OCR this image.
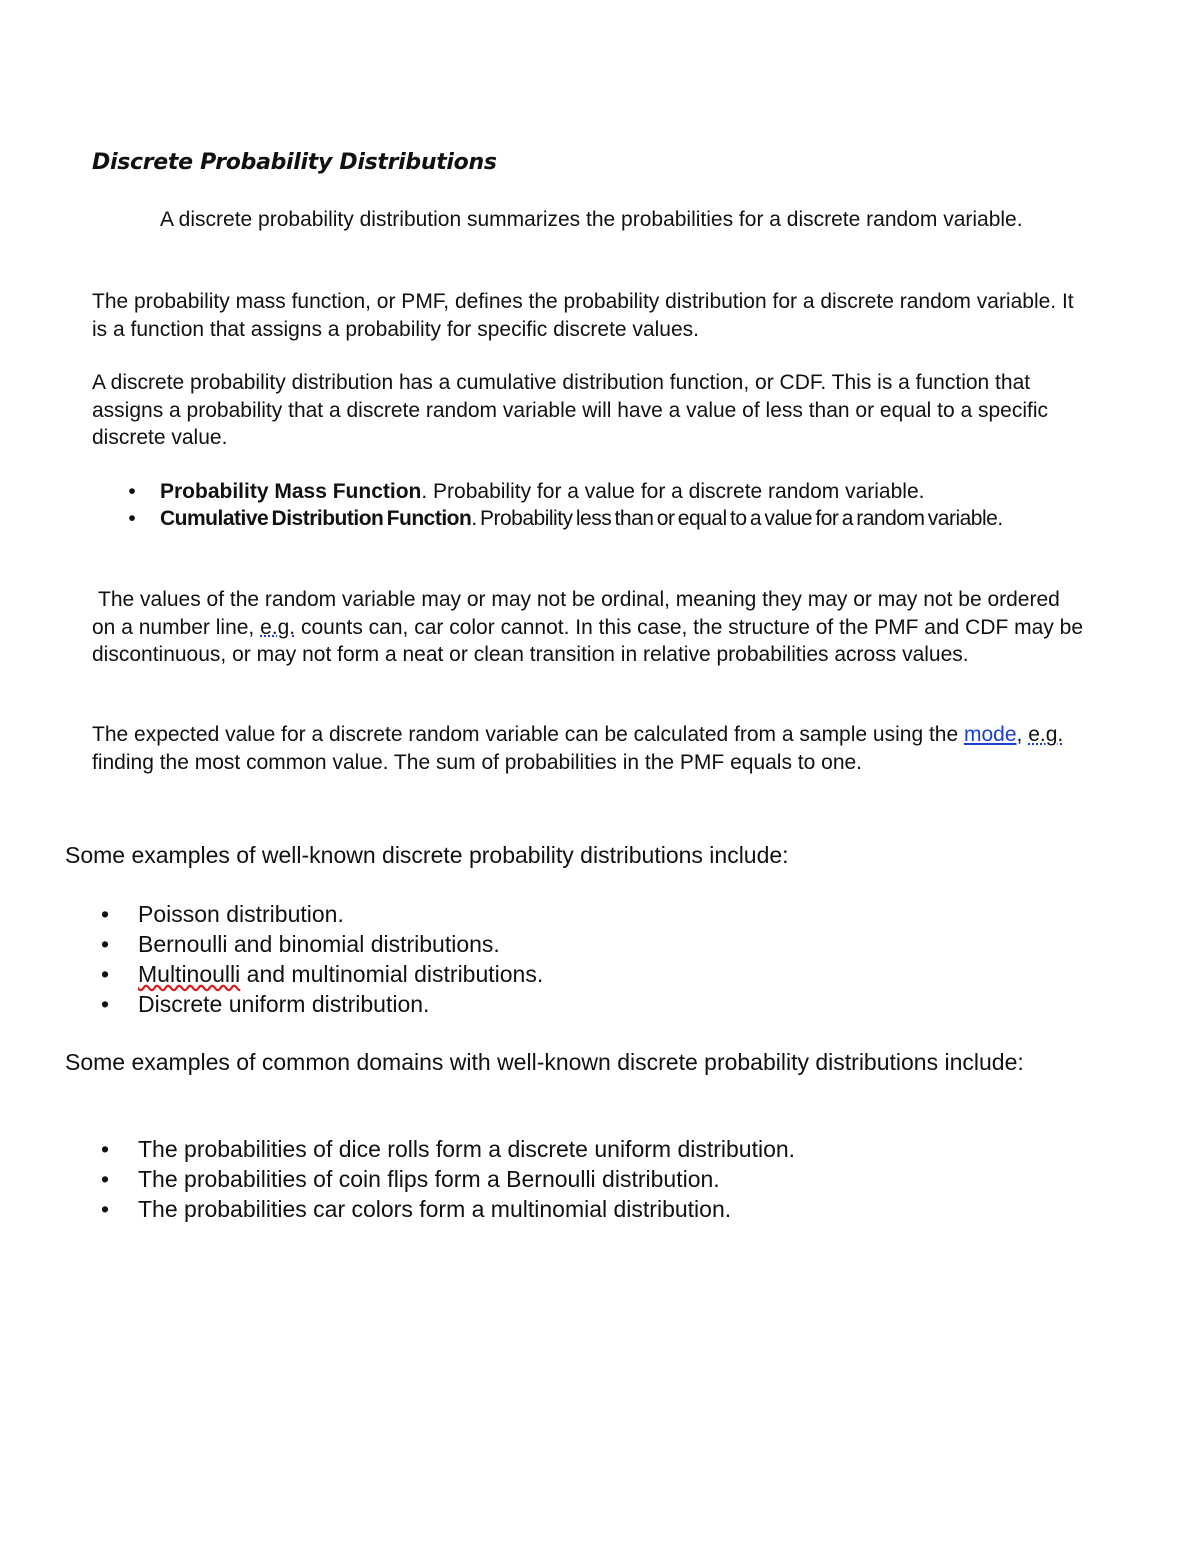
Discrete Probability Distributions

A discrete probability distribution summarizes the probabilities for a discrete random variable.

The probability mass function, or PMF, defines the probability distribution for a discrete random variable. It is a function that assigns a probability for specific discrete values.

A discrete probability distribution has a cumulative distribution function, or CDF. This is a function that assigns a probability that a discrete random variable will have a value of less than or equal to a specific discrete value.

• Probability Mass Function. Probability for a value for a discrete random variable.
• Cumulative Distribution Function. Probability less than or equal to a value for a random variable.

The values of the random variable may or may not be ordinal, meaning they may or may not be ordered on a number line, e.g. counts can, car color cannot. In this case, the structure of the PMF and CDF may be discontinuous, or may not form a neat or clean transition in relative probabilities across values.

The expected value for a discrete random variable can be calculated from a sample using the mode, e.g. finding the most common value. The sum of probabilities in the PMF equals to one.

Some examples of well-known discrete probability distributions include:

• Poisson distribution.
• Bernoulli and binomial distributions.
• Multinoulli and multinomial distributions.
• Discrete uniform distribution.

Some examples of common domains with well-known discrete probability distributions include:

• The probabilities of dice rolls form a discrete uniform distribution.
• The probabilities of coin flips form a Bernoulli distribution.
• The probabilities car colors form a multinomial distribution.
